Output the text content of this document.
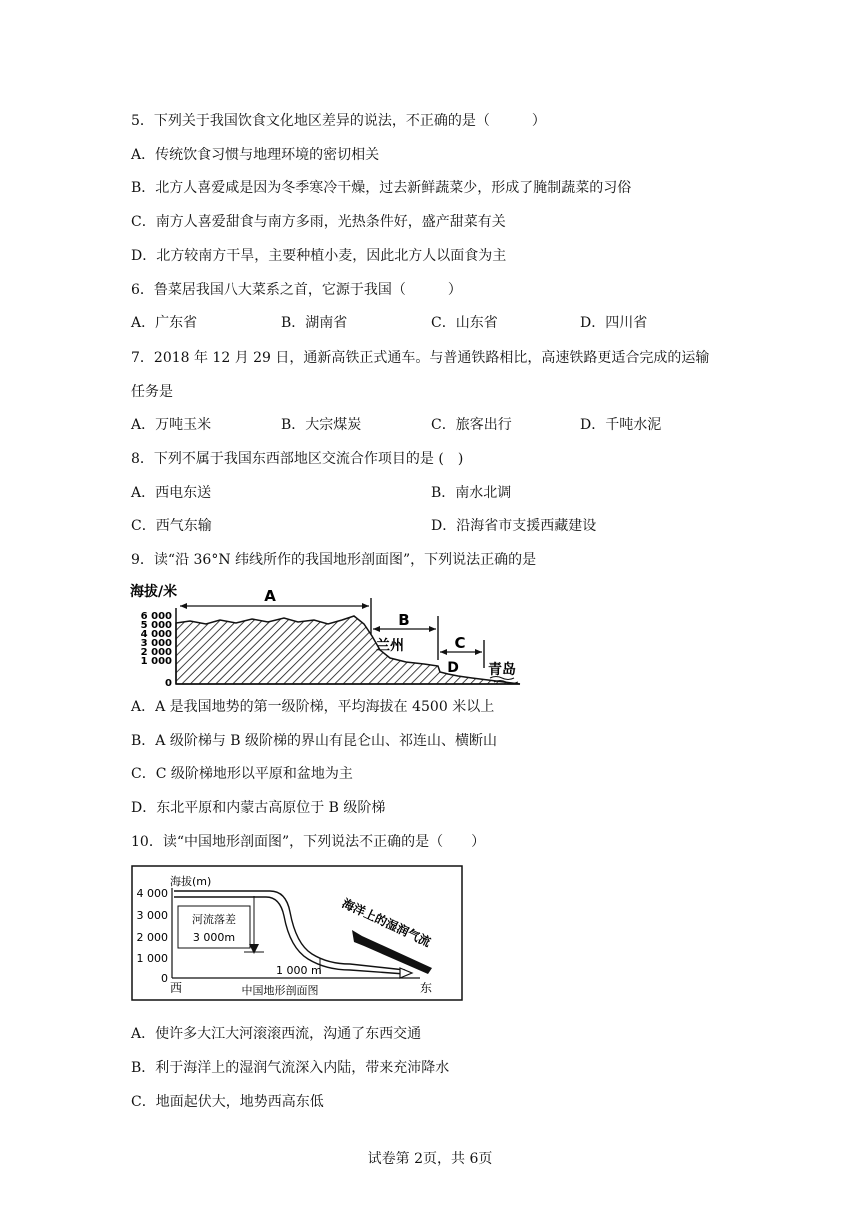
5．下列关于我国饮食文化地区差异的说法，不正确的是（　　　）
A．传统饮食习惯与地理环境的密切相关
B．北方人喜爱咸是因为冬季寒冷干燥，过去新鲜蔬菜少，形成了腌制蔬菜的习俗
C．南方人喜爱甜食与南方多雨，光热条件好，盛产甜菜有关
D．北方较南方干旱，主要种植小麦，因此北方人以面食为主
6．鲁菜居我国八大菜系之首，它源于我国（　　　）
A．广东省	B．湖南省	C．山东省	D．四川省
7．2018 年 12 月 29 日，通新高铁正式通车。与普通铁路相比，高速铁路更适合完成的运输
任务是
A．万吨玉米	B．大宗煤炭	C．旅客出行	D．千吨水泥
8．下列不属于我国东西部地区交流合作项目的是 (　)
A．西电东送	B．南水北调
C．西气东输	D．沿海省市支援西藏建设
9．读“沿 36°N 纬线所作的我国地形剖面图”，下列说法正确的是
海拔/米
6 000
5 000
4 000
3 000
2 000
1 000
0
A
B
C
D
兰州
青岛
A．A 是我国地势的第一级阶梯，平均海拔在 4500 米以上
B．A 级阶梯与 B 级阶梯的界山有昆仑山、祁连山、横断山
C．C 级阶梯地形以平原和盆地为主
D．东北平原和内蒙古高原位于 B 级阶梯
10．读“中国地形剖面图”，下列说法不正确的是（　　）
海拔(m)
4 000
3 000
2 000
1 000
0
河流落差
3 000m
1 000 m
海洋上的湿润气流
西	东
中国地形剖面图
A．使许多大江大河滚滚西流，沟通了东西交通
B．利于海洋上的湿润气流深入内陆，带来充沛降水
C．地面起伏大，地势西高东低
试卷第 2页，共 6页
